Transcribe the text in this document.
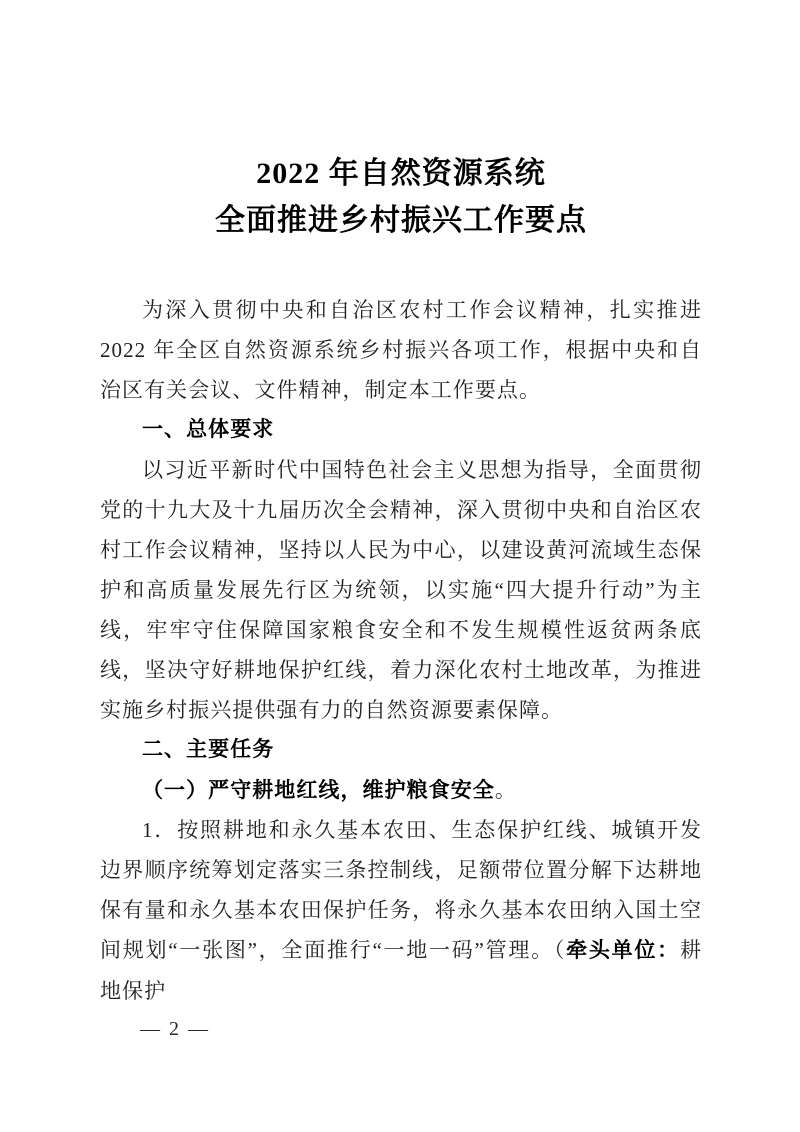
2022 年自然资源系统
全面推进乡村振兴工作要点

为深入贯彻中央和自治区农村工作会议精神，扎实推进 2022 年全区自然资源系统乡村振兴各项工作，根据中央和自治区有关会议、文件精神，制定本工作要点。

一、总体要求

以习近平新时代中国特色社会主义思想为指导，全面贯彻党的十九大及十九届历次全会精神，深入贯彻中央和自治区农村工作会议精神，坚持以人民为中心，以建设黄河流域生态保护和高质量发展先行区为统领，以实施“四大提升行动”为主线，牢牢守住保障国家粮食安全和不发生规模性返贫两条底线，坚决守好耕地保护红线，着力深化农村土地改革，为推进实施乡村振兴提供强有力的自然资源要素保障。

二、主要任务

（一）严守耕地红线，维护粮食安全。

1．按照耕地和永久基本农田、生态保护红线、城镇开发边界顺序统筹划定落实三条控制线，足额带位置分解下达耕地保有量和永久基本农田保护任务，将永久基本农田纳入国土空间规划“一张图”，全面推行“一地一码”管理。（牵头单位：耕地保护

— 2 —
